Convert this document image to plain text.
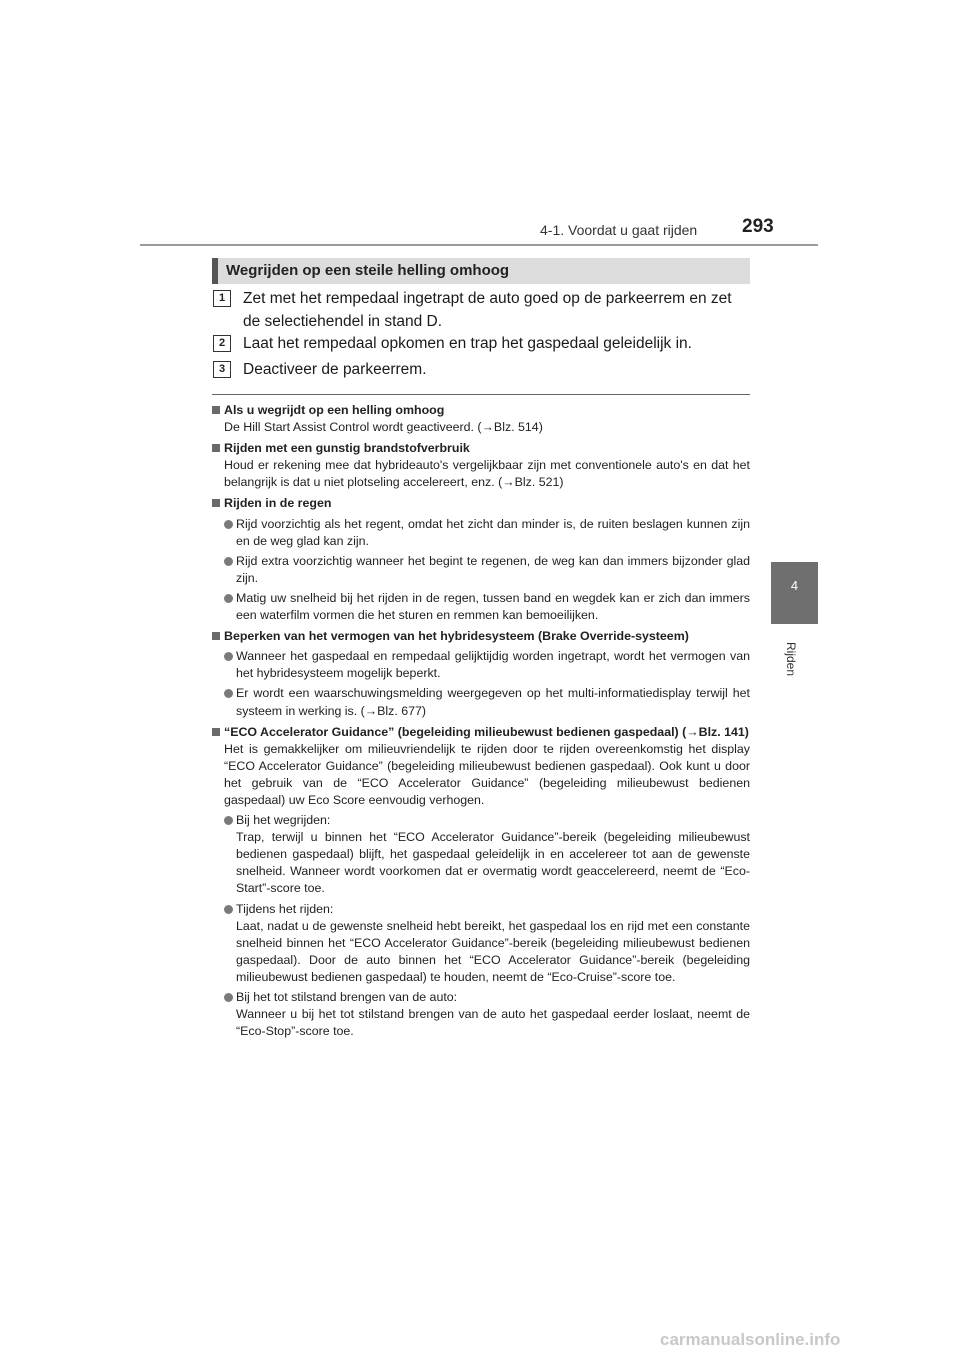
4-1. Voordat u gaat rijden 293
4
Rijden
Wegrijden op een steile helling omhoog
1	Zet met het rempedaal ingetrapt de auto goed op de parkeerrem en zet de selectiehendel in stand D.
2	Laat het rempedaal opkomen en trap het gaspedaal geleidelijk in.
3	Deactiveer de parkeerrem.
Als u wegrijdt op een helling omhoog
De Hill Start Assist Control wordt geactiveerd. (→Blz. 514)
Rijden met een gunstig brandstofverbruik
Houd er rekening mee dat hybrideauto's vergelijkbaar zijn met conventionele auto's en dat het belangrijk is dat u niet plotseling accelereert, enz. (→Blz. 521)
Rijden in de regen
Rijd voorzichtig als het regent, omdat het zicht dan minder is, de ruiten beslagen kunnen zijn en de weg glad kan zijn.
Rijd extra voorzichtig wanneer het begint te regenen, de weg kan dan immers bijzonder glad zijn.
Matig uw snelheid bij het rijden in de regen, tussen band en wegdek kan er zich dan immers een waterfilm vormen die het sturen en remmen kan bemoeilijken.
Beperken van het vermogen van het hybridesysteem (Brake Override-systeem)
Wanneer het gaspedaal en rempedaal gelijktijdig worden ingetrapt, wordt het vermogen van het hybridesysteem mogelijk beperkt.
Er wordt een waarschuwingsmelding weergegeven op het multi-informatiedisplay terwijl het systeem in werking is. (→Blz. 677)
“ECO Accelerator Guidance” (begeleiding milieubewust bedienen gaspedaal) (→Blz. 141)
Het is gemakkelijker om milieuvriendelijk te rijden door te rijden overeenkomstig het display “ECO Accelerator Guidance” (begeleiding milieubewust bedienen gaspedaal). Ook kunt u door het gebruik van de “ECO Accelerator Guidance” (begeleiding milieubewust bedienen gaspedaal) uw Eco Score eenvoudig verhogen.
Bij het wegrijden:
Trap, terwijl u binnen het “ECO Accelerator Guidance”-bereik (begeleiding milieubewust bedienen gaspedaal) blijft, het gaspedaal geleidelijk in en accelereer tot aan de gewenste snelheid. Wanneer wordt voorkomen dat er overmatig wordt geaccelereerd, neemt de “Eco-Start”-score toe.
Tijdens het rijden:
Laat, nadat u de gewenste snelheid hebt bereikt, het gaspedaal los en rijd met een constante snelheid binnen het “ECO Accelerator Guidance”-bereik (begeleiding milieubewust bedienen gaspedaal). Door de auto binnen het “ECO Accelerator Guidance”-bereik (begeleiding milieubewust bedienen gaspedaal) te houden, neemt de “Eco-Cruise”-score toe.
Bij het tot stilstand brengen van de auto:
Wanneer u bij het tot stilstand brengen van de auto het gaspedaal eerder loslaat, neemt de “Eco-Stop”-score toe.
carmanualsonline.info
